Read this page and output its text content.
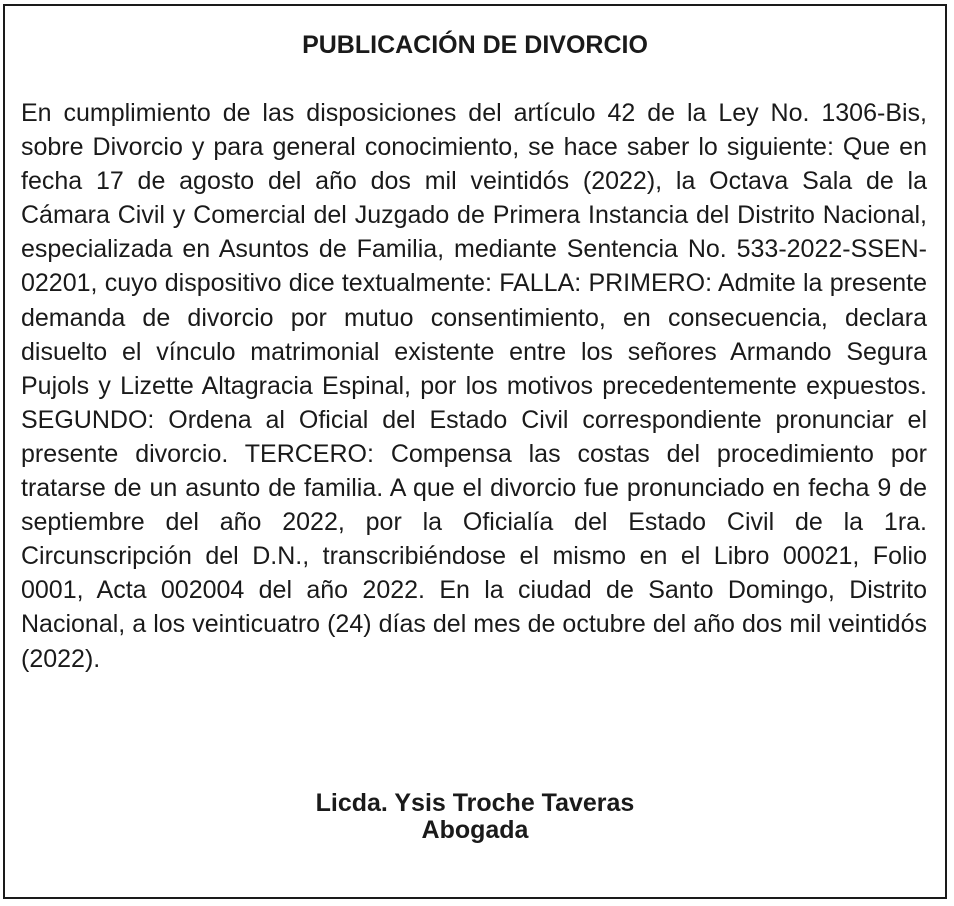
PUBLICACIÓN DE DIVORCIO

En cumplimiento de las disposiciones del artículo 42 de la Ley No. 1306-Bis, sobre Divorcio y para general conocimiento, se hace saber lo siguiente: Que en fecha 17 de agosto del año dos mil veintidós (2022), la Octava Sala de la Cámara Civil y Comercial del Juzgado de Primera Instancia del Distrito Nacional, especializada en Asuntos de Familia, mediante Sentencia No. 533-2022-SSEN-02201, cuyo dispositivo dice textualmente: FALLA: PRIMERO: Admite la presente demanda de divorcio por mutuo consentimiento, en consecuencia, declara disuelto el vínculo matrimonial existente entre los señores Armando Segura Pujols y Lizette Altagracia Espinal, por los motivos precedentemente expuestos. SEGUNDO: Ordena al Oficial del Estado Civil correspondiente pronunciar el presente divorcio. TERCERO: Compensa las costas del procedimiento por tratarse de un asunto de familia. A que el divorcio fue pronunciado en fecha 9 de septiembre del año 2022, por la Oficialía del Estado Civil de la 1ra. Circunscripción del D.N., transcribiéndose el mismo en el Libro 00021, Folio 0001, Acta 002004 del año 2022. En la ciudad de Santo Domingo, Distrito Nacional, a los veinticuatro (24) días del mes de octubre del año dos mil veintidós (2022).

Licda. Ysis Troche Taveras
Abogada
